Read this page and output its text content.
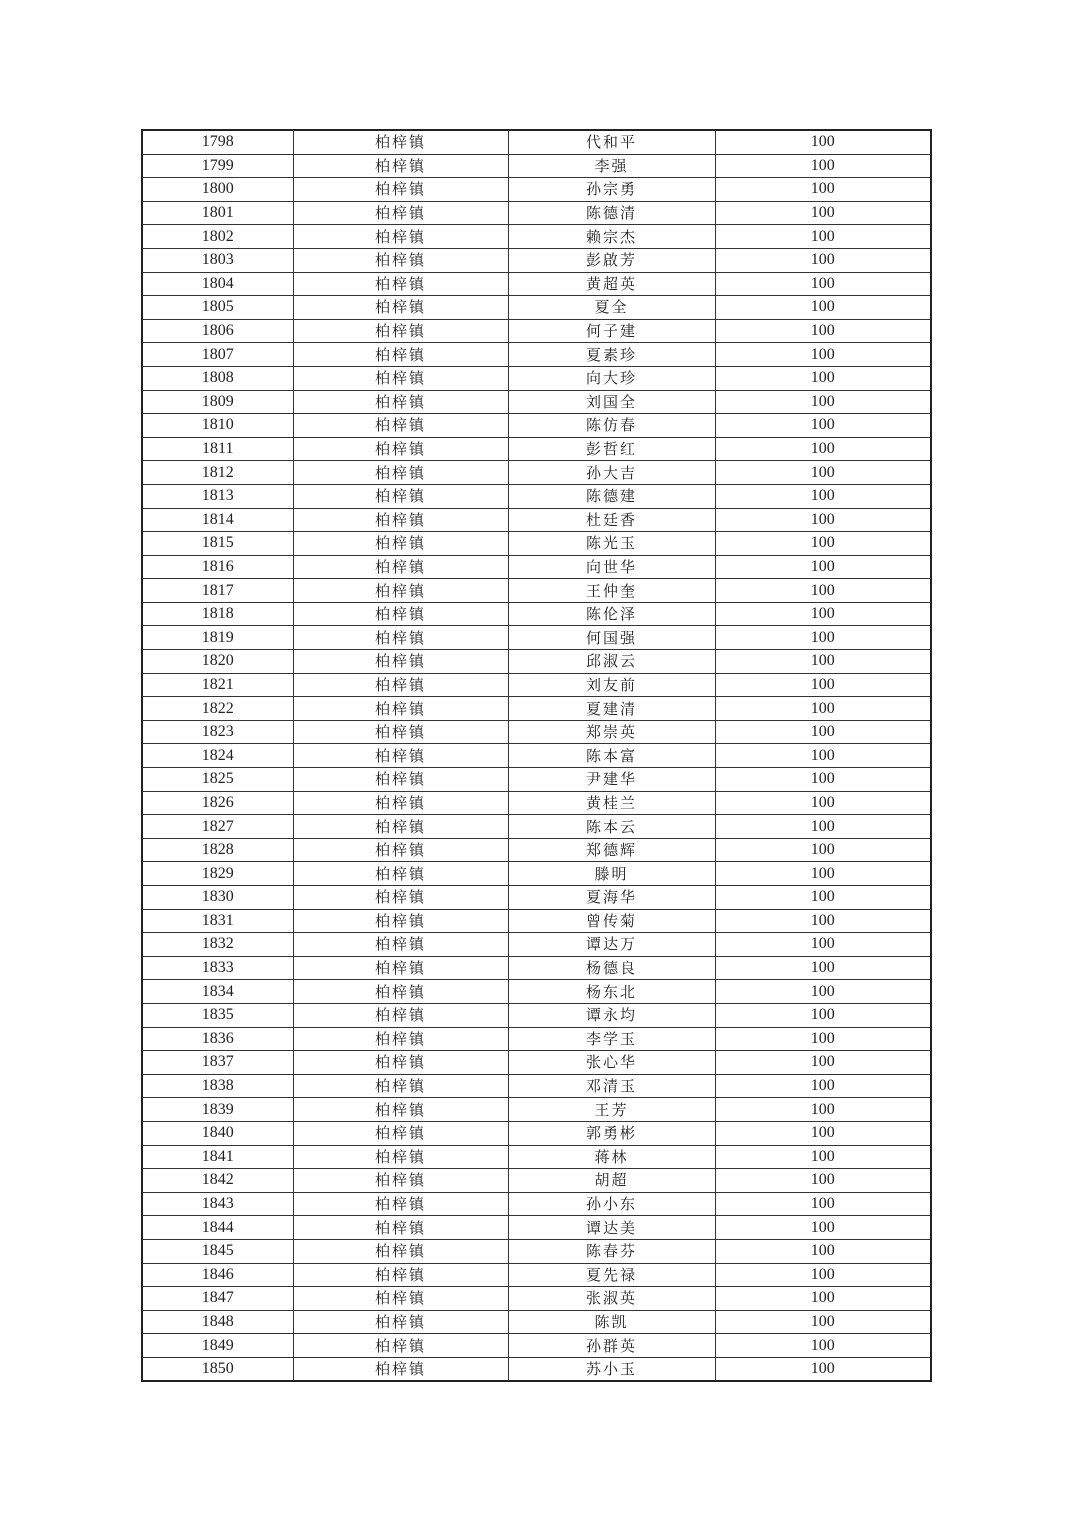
1798	柏梓镇	代和平	100
1799	柏梓镇	李强	100
1800	柏梓镇	孙宗勇	100
1801	柏梓镇	陈德清	100
1802	柏梓镇	赖宗杰	100
1803	柏梓镇	彭啟芳	100
1804	柏梓镇	黄超英	100
1805	柏梓镇	夏全	100
1806	柏梓镇	何子建	100
1807	柏梓镇	夏素珍	100
1808	柏梓镇	向大珍	100
1809	柏梓镇	刘国全	100
1810	柏梓镇	陈仿春	100
1811	柏梓镇	彭哲红	100
1812	柏梓镇	孙大吉	100
1813	柏梓镇	陈德建	100
1814	柏梓镇	杜廷香	100
1815	柏梓镇	陈光玉	100
1816	柏梓镇	向世华	100
1817	柏梓镇	王仲奎	100
1818	柏梓镇	陈伦泽	100
1819	柏梓镇	何国强	100
1820	柏梓镇	邱淑云	100
1821	柏梓镇	刘友前	100
1822	柏梓镇	夏建清	100
1823	柏梓镇	郑崇英	100
1824	柏梓镇	陈本富	100
1825	柏梓镇	尹建华	100
1826	柏梓镇	黄桂兰	100
1827	柏梓镇	陈本云	100
1828	柏梓镇	郑德辉	100
1829	柏梓镇	滕明	100
1830	柏梓镇	夏海华	100
1831	柏梓镇	曾传菊	100
1832	柏梓镇	谭达万	100
1833	柏梓镇	杨德良	100
1834	柏梓镇	杨东北	100
1835	柏梓镇	谭永均	100
1836	柏梓镇	李学玉	100
1837	柏梓镇	张心华	100
1838	柏梓镇	邓清玉	100
1839	柏梓镇	王芳	100
1840	柏梓镇	郭勇彬	100
1841	柏梓镇	蒋林	100
1842	柏梓镇	胡超	100
1843	柏梓镇	孙小东	100
1844	柏梓镇	谭达美	100
1845	柏梓镇	陈春芬	100
1846	柏梓镇	夏先禄	100
1847	柏梓镇	张淑英	100
1848	柏梓镇	陈凯	100
1849	柏梓镇	孙群英	100
1850	柏梓镇	苏小玉	100
